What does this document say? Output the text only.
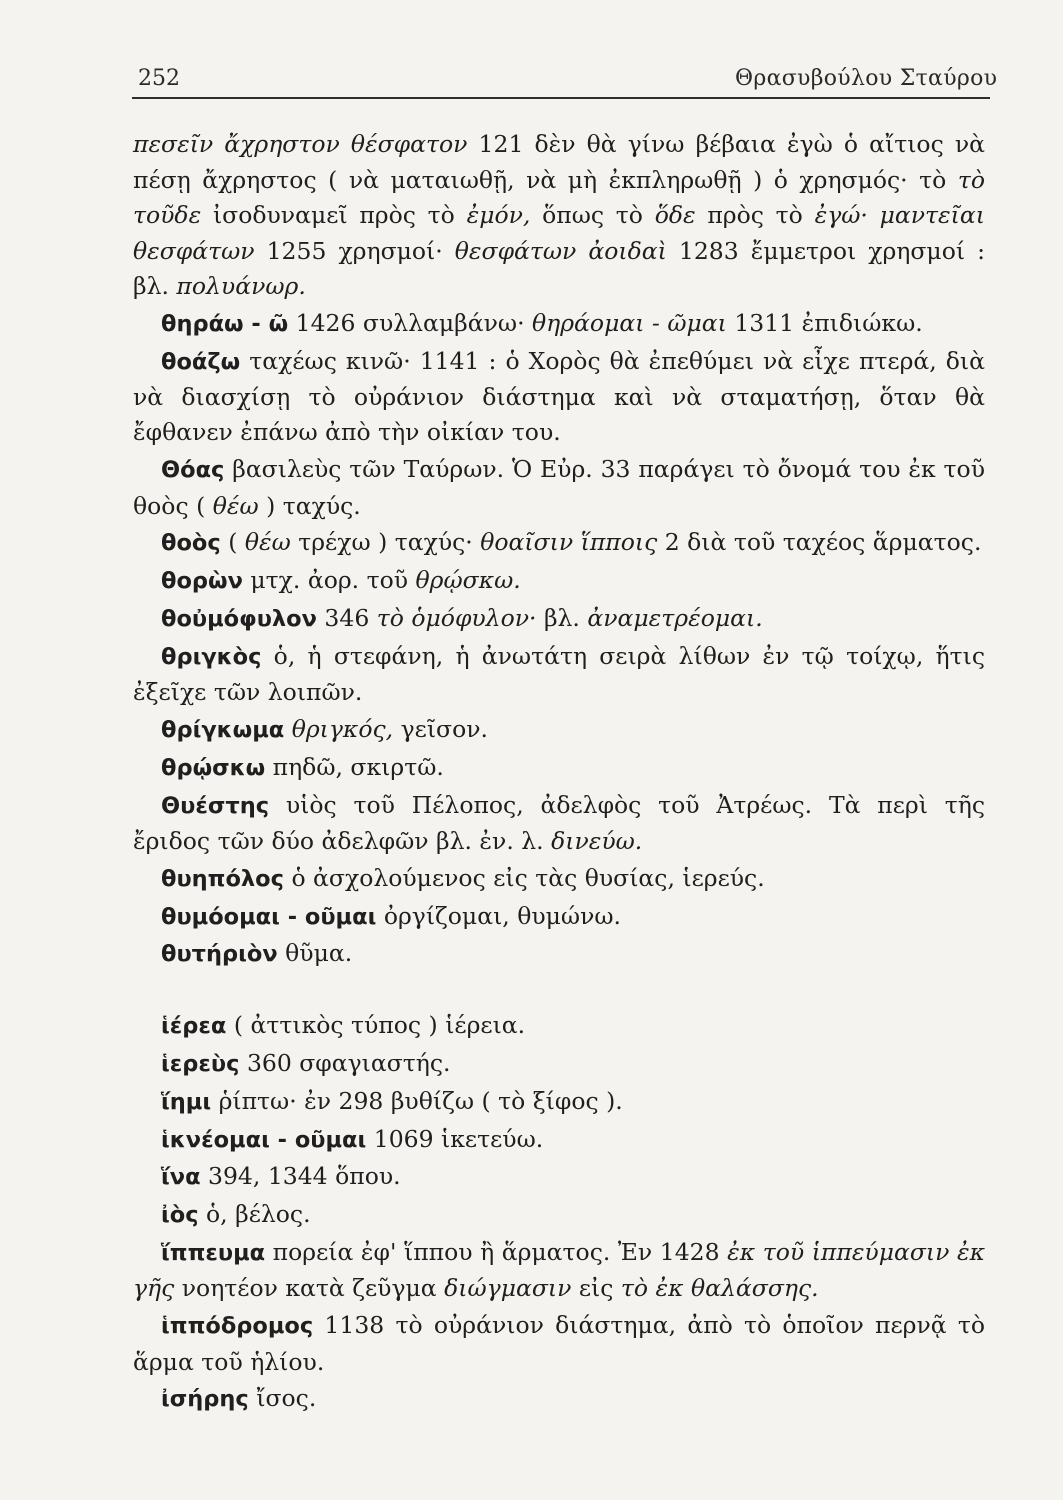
252	Θρασυβούλου Σταύρου

πεσεῖν ἄχρηστον θέσφατον 121 δὲν θὰ γίνω βέβαια ἐγὼ ὁ αἴτιος νὰ πέσῃ ἄχρηστος ( νὰ ματαιωθῇ, νὰ μὴ ἐκπληρωθῇ ) ὁ χρησμός· τὸ τὸ τοῦδε ἰσοδυναμεῖ πρὸς τὸ ἐμόν, ὅπως τὸ ὅδε πρὸς τὸ ἐγώ· μαντεῖαι θεσφάτων 1255 χρησμοί· θεσφάτων ἀοιδαὶ 1283 ἔμμετροι χρησμοί : βλ. πολυάνωρ.

θηράω - ῶ 1426 συλλαμβάνω· θηράομαι - ῶμαι 1311 ἐπιδιώκω.

θοάζω ταχέως κινῶ· 1141 : ὁ Χορὸς θὰ ἐπεθύμει νὰ εἶχε πτερά, διὰ νὰ διασχίσῃ τὸ οὐράνιον διάστημα καὶ νὰ σταματήσῃ, ὅταν θὰ ἔφθανεν ἐπάνω ἀπὸ τὴν οἰκίαν του.

Θόας βασιλεὺς τῶν Ταύρων. Ὁ Εὐρ. 33 παράγει τὸ ὄνομά του ἐκ τοῦ θοὸς ( θέω ) ταχύς.

θοὸς ( θέω τρέχω ) ταχύς· θοαῖσιν ἵπποις 2 διὰ τοῦ ταχέος ἅρματος.

θορὼν μτχ. ἀορ. τοῦ θρῴσκω.

θοὐμόφυλον 346 τὸ ὁμόφυλον· βλ. ἀναμετρέομαι.

θριγκὸς ὁ, ἡ στεφάνη, ἡ ἀνωτάτη σειρὰ λίθων ἐν τῷ τοίχῳ, ἥτις ἐξεῖχε τῶν λοιπῶν.

θρίγκωμα θριγκός, γεῖσον.

θρῴσκω πηδῶ, σκιρτῶ.

Θυέστης υἱὸς τοῦ Πέλοπος, ἀδελφὸς τοῦ Ἀτρέως. Τὰ περὶ τῆς ἔριδος τῶν δύο ἀδελφῶν βλ. ἐν. λ. δινεύω.

θυηπόλος ὁ ἀσχολούμενος εἰς τὰς θυσίας, ἱερεύς.

θυμόομαι - οῦμαι ὀργίζομαι, θυμώνω.

θυτήριὸν θῦμα.

ἱέρεα ( ἀττικὸς τύπος ) ἱέρεια.

ἱερεὺς 360 σφαγιαστής.

ἵημι ῥίπτω· ἐν 298 βυθίζω ( τὸ ξίφος ).

ἱκνέομαι - οῦμαι 1069 ἱκετεύω.

ἵνα 394, 1344 ὅπου.

ἰὸς ὁ, βέλος.

ἵππευμα πορεία ἐφ' ἵππου ἢ ἅρματος. Ἐν 1428 ἐκ τοῦ ἱππεύμασιν ἐκ γῆς νοητέον κατὰ ζεῦγμα διώγμασιν εἰς τὸ ἐκ θαλάσσης.

ἱππόδρομος 1138 τὸ οὐράνιον διάστημα, ἀπὸ τὸ ὁποῖον περνᾷ τὸ ἅρμα τοῦ ἡλίου.

ἰσήρης ἴσος.
